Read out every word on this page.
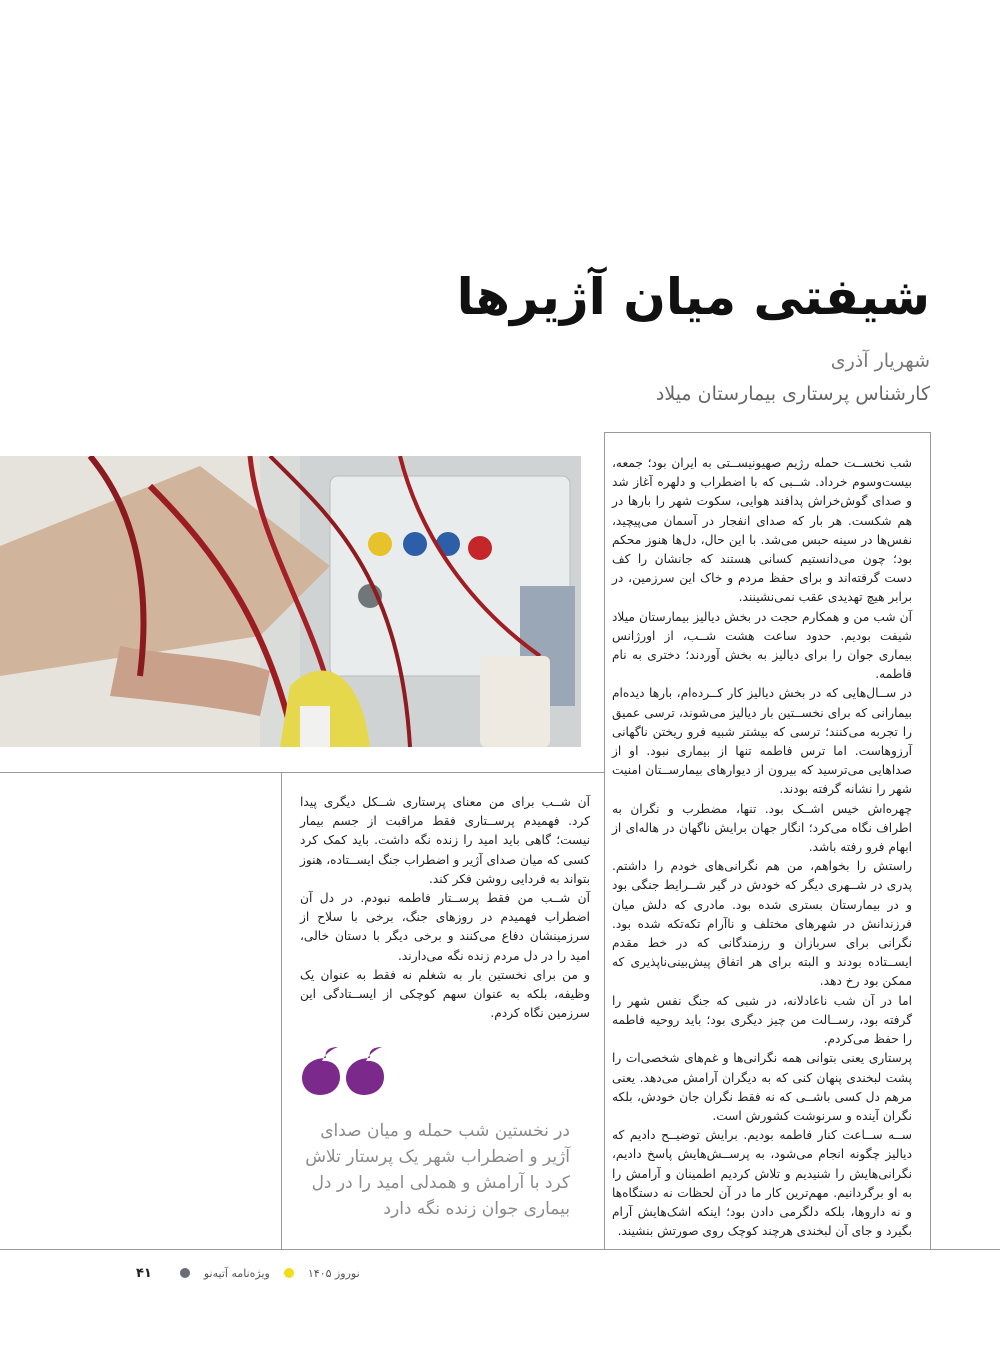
شیفتی میان آژیرها
شهریار آذری
کارشناس پرستاری بیمارستان میلاد

شب نخســت حمله رژیم صهیونیســتی به ایران بود؛ جمعه، بیست‌وسوم خرداد. شــبی که با اضطراب و دلهره آغاز شد و صدای گوش‌خراش پدافند هوایی، سکوت شهر را بارها در هم شکست. هر بار که صدای انفجار در آسمان می‌پیچید، نفس‌ها در سینه حبس می‌شد. با این حال، دل‌ها هنوز محکم بود؛ چون می‌دانستیم کسانی هستند که جانشان را کف دست گرفته‌اند و برای حفظ مردم و خاک این سرزمین، در برابر هیچ تهدیدی عقب نمی‌نشینند.

آن شب من و همکارم حجت در بخش دیالیز بیمارستان میلاد شیفت بودیم. حدود ساعت هشت شــب، از اورژانس بیماری جوان را برای دیالیز به بخش آوردند؛ دختری به نام فاطمه.

در ســال‌هایی که در بخش دیالیز کار کــرده‌ام، بارها دیده‌ام بیمارانی که برای نخســتین بار دیالیز می‌شوند، ترسی عمیق را تجربه می‌کنند؛ ترسی که بیشتر شبیه فرو ریختن ناگهانی آرزوهاست. اما ترس فاطمه تنها از بیماری نبود. او از صداهایی می‌ترسید که بیرون از دیوارهای بیمارســتان امنیت شهر را نشانه گرفته بودند.

چهره‌اش خیس اشــک بود. تنها، مضطرب و نگران به اطراف نگاه می‌کرد؛ انگار جهان برایش ناگهان در هاله‌ای از ابهام فرو رفته باشد.

راستش را بخواهم، من هم نگرانی‌های خودم را داشتم. پدری در شــهری دیگر که خودش در گیر شــرایط جنگی بود و در بیمارستان بستری شده بود. مادری که دلش میان فرزندانش در شهرهای مختلف و ناآرام تکه‌تکه شده بود. نگرانی برای سربازان و رزمندگانی که در خط مقدم ایســتاده بودند و البته برای هر اتفاق پیش‌بینی‌ناپذیری که ممکن بود رخ دهد.

اما در آن شب ناعادلانه، در شبی که جنگ نفس شهر را گرفته بود، رســالت من چیز دیگری بود؛ باید روحیه فاطمه را حفظ می‌کردم.

پرستاری یعنی بتوانی همه نگرانی‌ها و غم‌های شخصی‌ات را پشت لبخندی پنهان کنی که به دیگران آرامش می‌دهد. یعنی مرهم دل کسی باشــی که نه فقط نگران جان خودش، بلکه نگران آینده و سرنوشت کشورش است.

ســه ســاعت کنار فاطمه بودیم. برایش توضیــح دادیم که دیالیز چگونه انجام می‌شود، به پرســش‌هایش پاسخ دادیم، نگرانی‌هایش را شنیدیم و تلاش کردیم اطمینان و آرامش را به او برگردانیم. مهم‌ترین کار ما در آن لحظات نه دستگاه‌ها و نه داروها، بلکه دلگرمی دادن بود؛ اینکه اشک‌هایش آرام بگیرد و جای آن لبخندی هرچند کوچک روی صورتش بنشیند.

آن شــب برای من معنای پرستاری شــکل دیگری پیدا کرد. فهمیدم پرســتاری فقط مراقبت از جسم بیمار نیست؛ گاهی باید امید را زنده نگه داشت. باید کمک کرد کسی که میان صدای آژیر و اضطراب جنگ ایســتاده، هنوز بتواند به فردایی روشن فکر کند.

آن شــب من فقط پرســتار فاطمه نبودم. در دل آن اضطراب فهمیدم در روزهای جنگ، برخی با سلاح از سرزمینشان دفاع می‌کنند و برخی دیگر با دستان خالی، امید را در دل مردم زنده نگه می‌دارند.

و من برای نخستین بار به شغلم نه فقط به عنوان یک وظیفه، بلکه به عنوان سهم کوچکی از ایســتادگی این سرزمین نگاه کردم.

در نخستین شب حمله و میان صدای آژیر و اضطراب شهر یک پرستار تلاش کرد با آرامش و همدلی امید را در دل بیماری جوان زنده نگه دارد
۴۱	ویژه‌نامه آتیه‌نو	نوروز ۱۴۰۵
